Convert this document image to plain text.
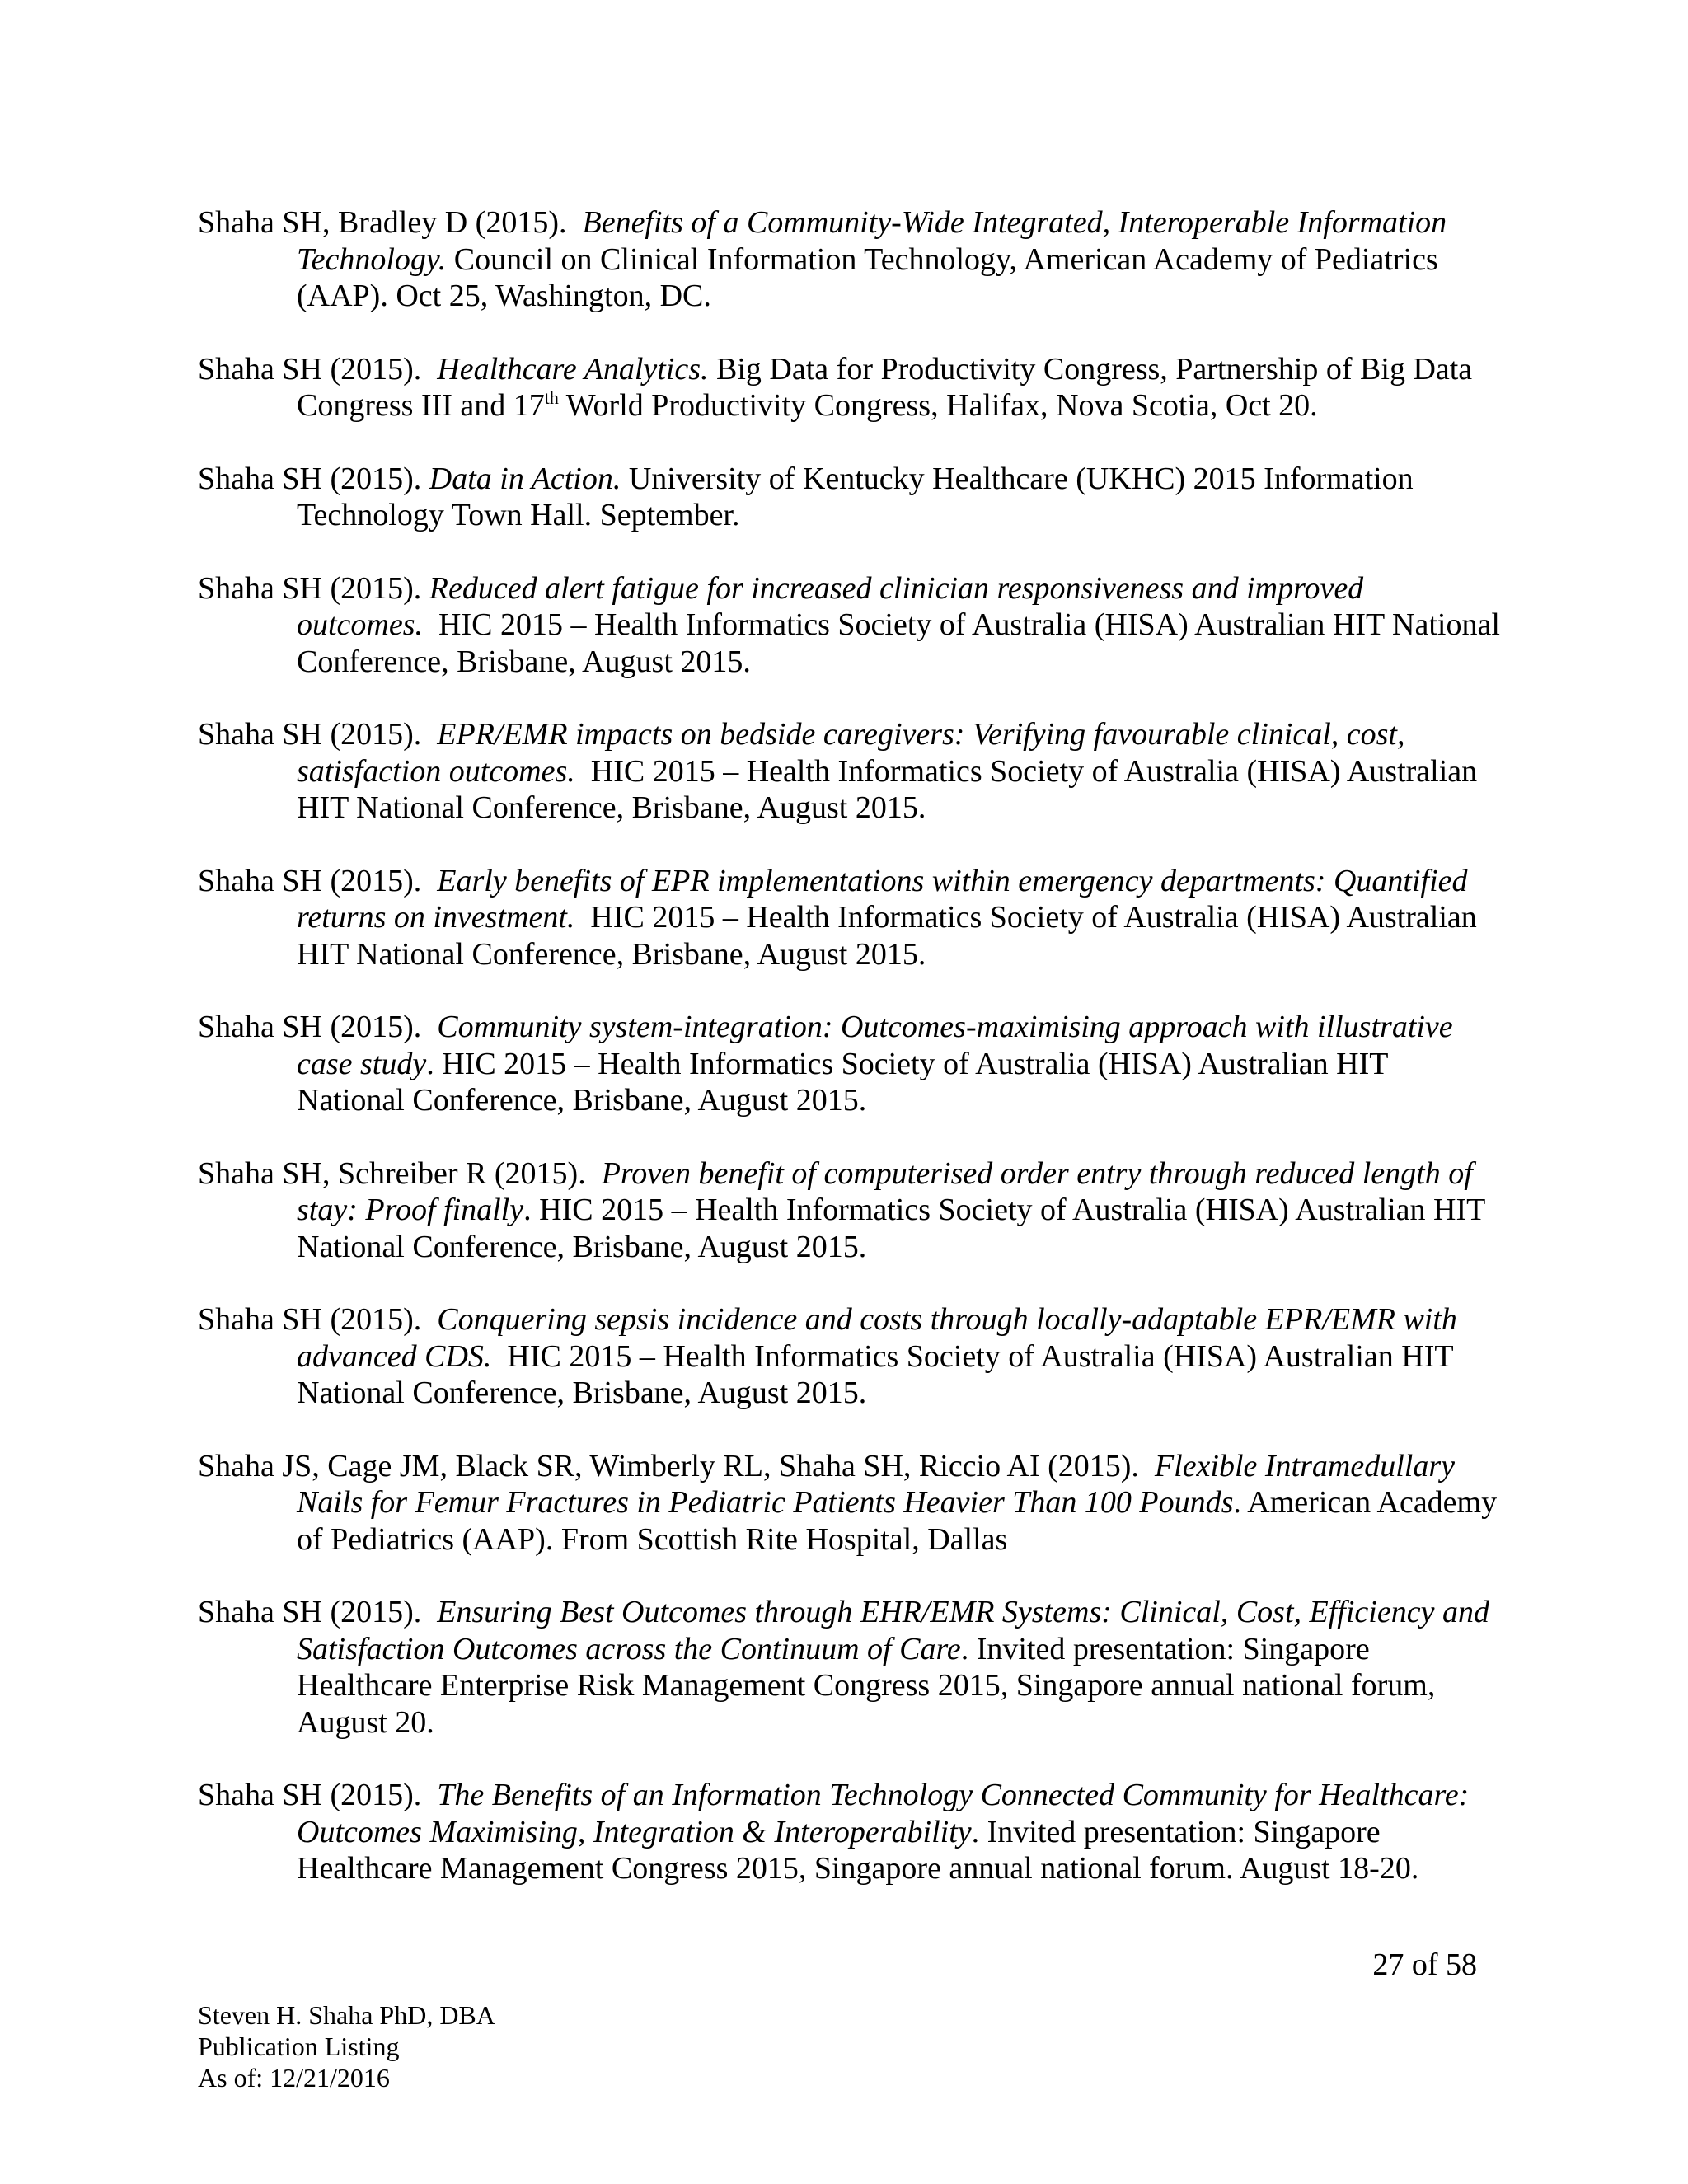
Shaha SH, Bradley D (2015). Benefits of a Community-Wide Integrated, Interoperable Information Technology. Council on Clinical Information Technology, American Academy of Pediatrics (AAP). Oct 25, Washington, DC.

Shaha SH (2015). Healthcare Analytics. Big Data for Productivity Congress, Partnership of Big Data Congress III and 17th World Productivity Congress, Halifax, Nova Scotia, Oct 20.

Shaha SH (2015). Data in Action. University of Kentucky Healthcare (UKHC) 2015 Information Technology Town Hall. September.

Shaha SH (2015). Reduced alert fatigue for increased clinician responsiveness and improved outcomes. HIC 2015 – Health Informatics Society of Australia (HISA) Australian HIT National Conference, Brisbane, August 2015.

Shaha SH (2015). EPR/EMR impacts on bedside caregivers: Verifying favourable clinical, cost, satisfaction outcomes. HIC 2015 – Health Informatics Society of Australia (HISA) Australian HIT National Conference, Brisbane, August 2015.

Shaha SH (2015). Early benefits of EPR implementations within emergency departments: Quantified returns on investment. HIC 2015 – Health Informatics Society of Australia (HISA) Australian HIT National Conference, Brisbane, August 2015.

Shaha SH (2015). Community system-integration: Outcomes-maximising approach with illustrative case study. HIC 2015 – Health Informatics Society of Australia (HISA) Australian HIT National Conference, Brisbane, August 2015.

Shaha SH, Schreiber R (2015). Proven benefit of computerised order entry through reduced length of stay: Proof finally. HIC 2015 – Health Informatics Society of Australia (HISA) Australian HIT National Conference, Brisbane, August 2015.

Shaha SH (2015). Conquering sepsis incidence and costs through locally-adaptable EPR/EMR with advanced CDS. HIC 2015 – Health Informatics Society of Australia (HISA) Australian HIT National Conference, Brisbane, August 2015.

Shaha JS, Cage JM, Black SR, Wimberly RL, Shaha SH, Riccio AI (2015). Flexible Intramedullary Nails for Femur Fractures in Pediatric Patients Heavier Than 100 Pounds. American Academy of Pediatrics (AAP). From Scottish Rite Hospital, Dallas

Shaha SH (2015). Ensuring Best Outcomes through EHR/EMR Systems: Clinical, Cost, Efficiency and Satisfaction Outcomes across the Continuum of Care. Invited presentation: Singapore Healthcare Enterprise Risk Management Congress 2015, Singapore annual national forum, August 20.

Shaha SH (2015). The Benefits of an Information Technology Connected Community for Healthcare: Outcomes Maximising, Integration & Interoperability. Invited presentation: Singapore Healthcare Management Congress 2015, Singapore annual national forum. August 18-20.

27 of 58
Steven H. Shaha PhD, DBA
Publication Listing
As of: 12/21/2016
